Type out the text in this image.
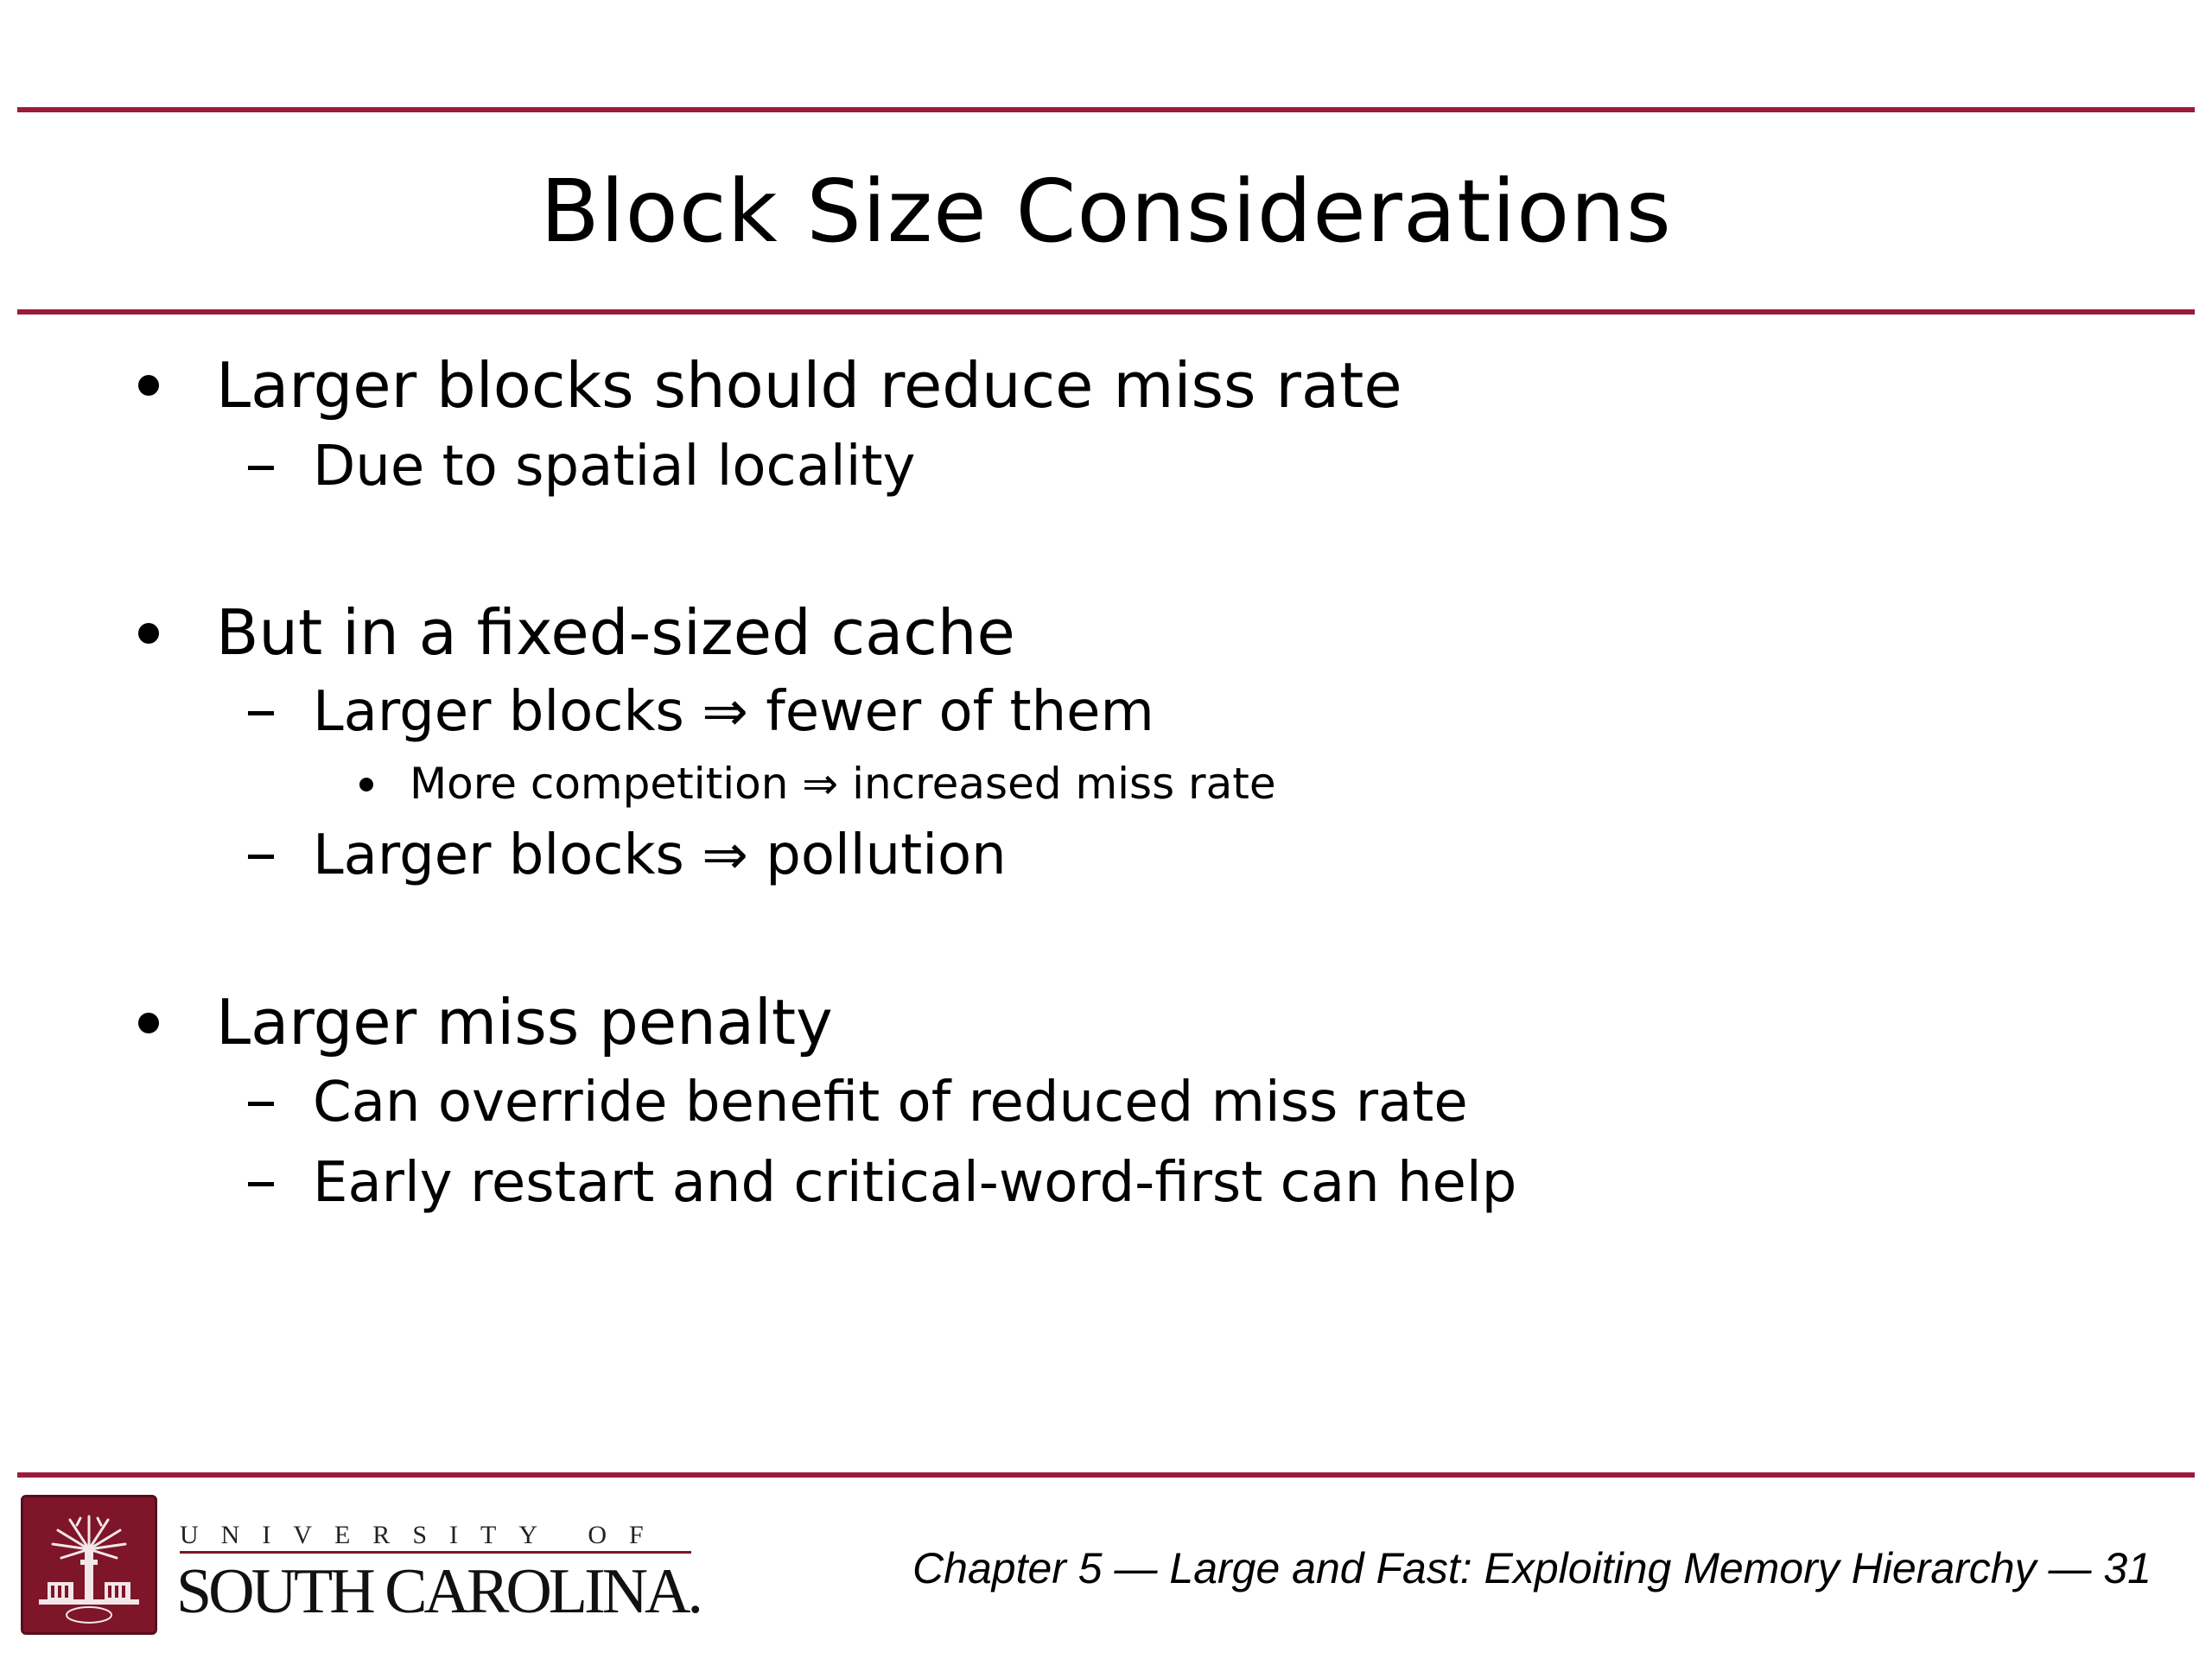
Block Size Considerations
Larger blocks should reduce miss rate
Due to spatial locality
But in a fixed-sized cache
Larger blocks ⇒ fewer of them
More competition ⇒ increased miss rate
Larger blocks ⇒ pollution
Larger miss penalty
Can override benefit of reduced miss rate
Early restart and critical-word-first can help
UNIVERSITY OF
SOUTH CAROLINA.	Chapter 5 — Large and Fast: Exploiting Memory Hierarchy — 31
